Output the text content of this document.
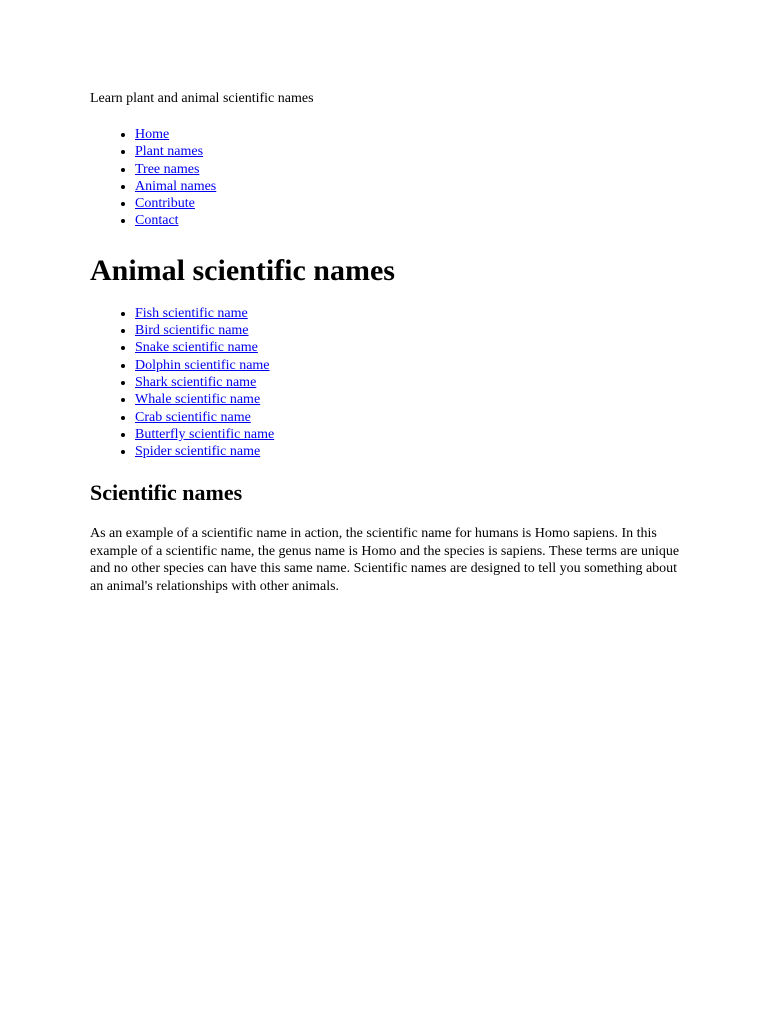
Learn plant and animal scientific names

• Home
• Plant names
• Tree names
• Animal names
• Contribute
• Contact
Animal scientific names
• Fish scientific name
• Bird scientific name
• Snake scientific name
• Dolphin scientific name
• Shark scientific name
• Whale scientific name
• Crab scientific name
• Butterfly scientific name
• Spider scientific name
Scientific names

As an example of a scientific name in action, the scientific name for humans is Homo sapiens. In this example of a scientific name, the genus name is Homo and the species is sapiens. These terms are unique and no other species can have this same name. Scientific names are designed to tell you something about an animal's relationships with other animals.
